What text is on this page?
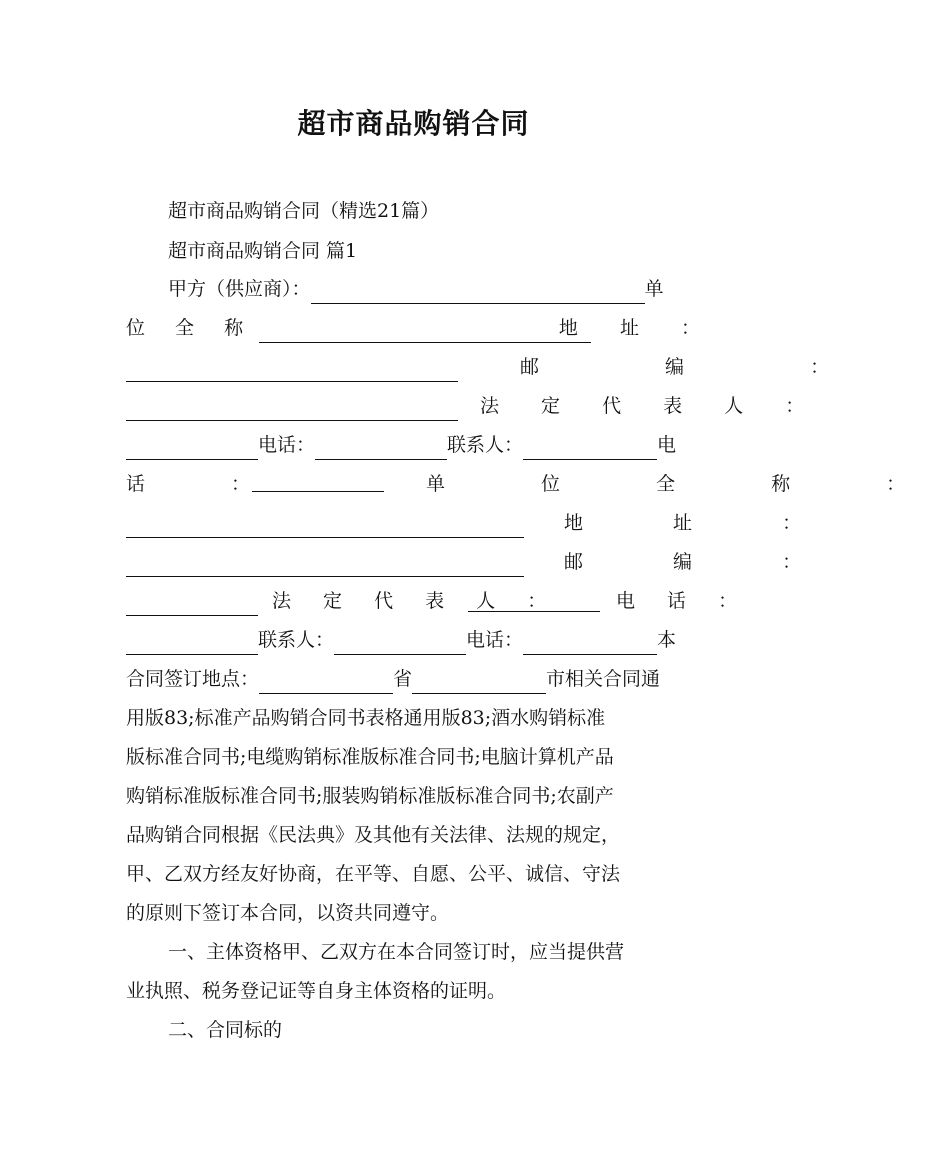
超市商品购销合同
超市商品购销合同（精选21篇）
超市商品购销合同 篇1
甲方（供应商）：	单
位 全 称	地 址 ：
邮 编 ：
法 定 代 表 人 ：
电话：	联系人：	电
话 ：	单 位 全 称 ：
地 址 ：
邮 编 ：
法 定 代 表 人 ：	电 话 ：
联系人：	电话：	本
合同签订地点：	省	市相关合同通
用版83;标准产品购销合同书表格通用版83;酒水购销标准
版标准合同书;电缆购销标准版标准合同书;电脑计算机产品
购销标准版标准合同书;服装购销标准版标准合同书;农副产
品购销合同根据《民法典》及其他有关法律、法规的规定，
甲、乙双方经友好协商，在平等、自愿、公平、诚信、守法
的原则下签订本合同，以资共同遵守。
一、主体资格甲、乙双方在本合同签订时，应当提供营
业执照、税务登记证等自身主体资格的证明。
二、合同标的
